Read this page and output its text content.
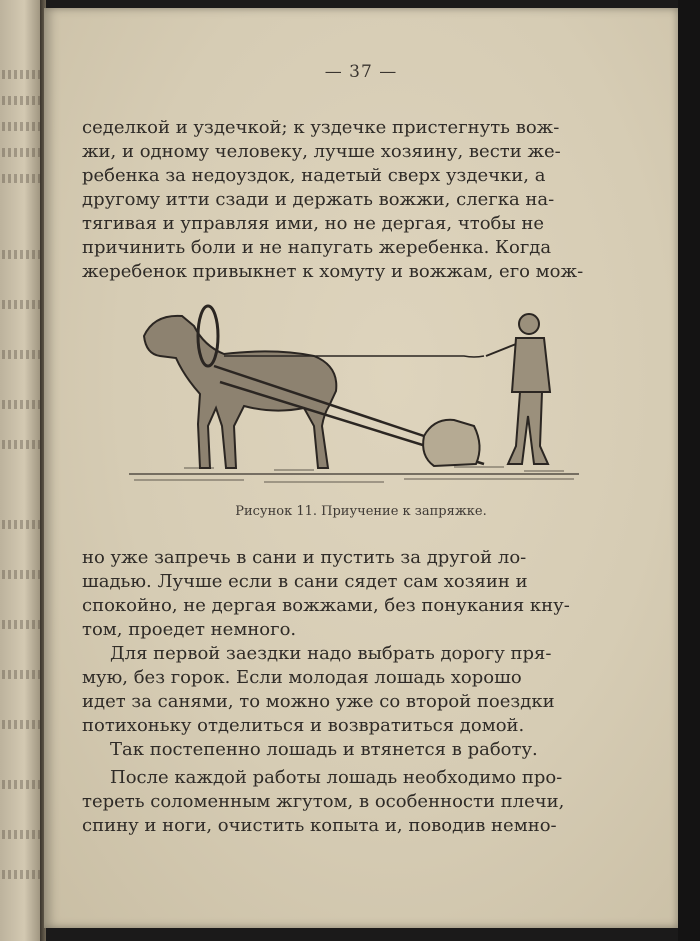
— 37 —

седелкой и уздечкой; к уздечке пристегнуть вож-

жи, и одному человеку, лучше хозяину, вести же-

ребенка за недоуздок, надетый сверх уздечки, а

другому итти сзади и держать вожжи, слегка на-

тягивая и управляя ими, но не дергая, чтобы не

причинить боли и не напугать жеребенка. Когда

жеребенок привыкнет к хомуту и вожжам, его мож-

Рисунок 11. Приучение к запряжке.

но уже запречь в сани и пустить за другой ло-

шадью. Лучше если в сани сядет сам хозяин и

спокойно, не дергая вожжами, без понукания кну-

том, проедет немного.

Для первой заездки надо выбрать дорогу пря-

мую, без горок. Если молодая лошадь хорошо

идет за санями, то можно уже со второй поездки

потихоньку отделиться и возвратиться домой.

Так постепенно лошадь и втянется в работу.

После каждой работы лошадь необходимо про-

тереть соломенным жгутом, в особенности плечи,

спину и ноги, очистить копыта и, поводив немно-
